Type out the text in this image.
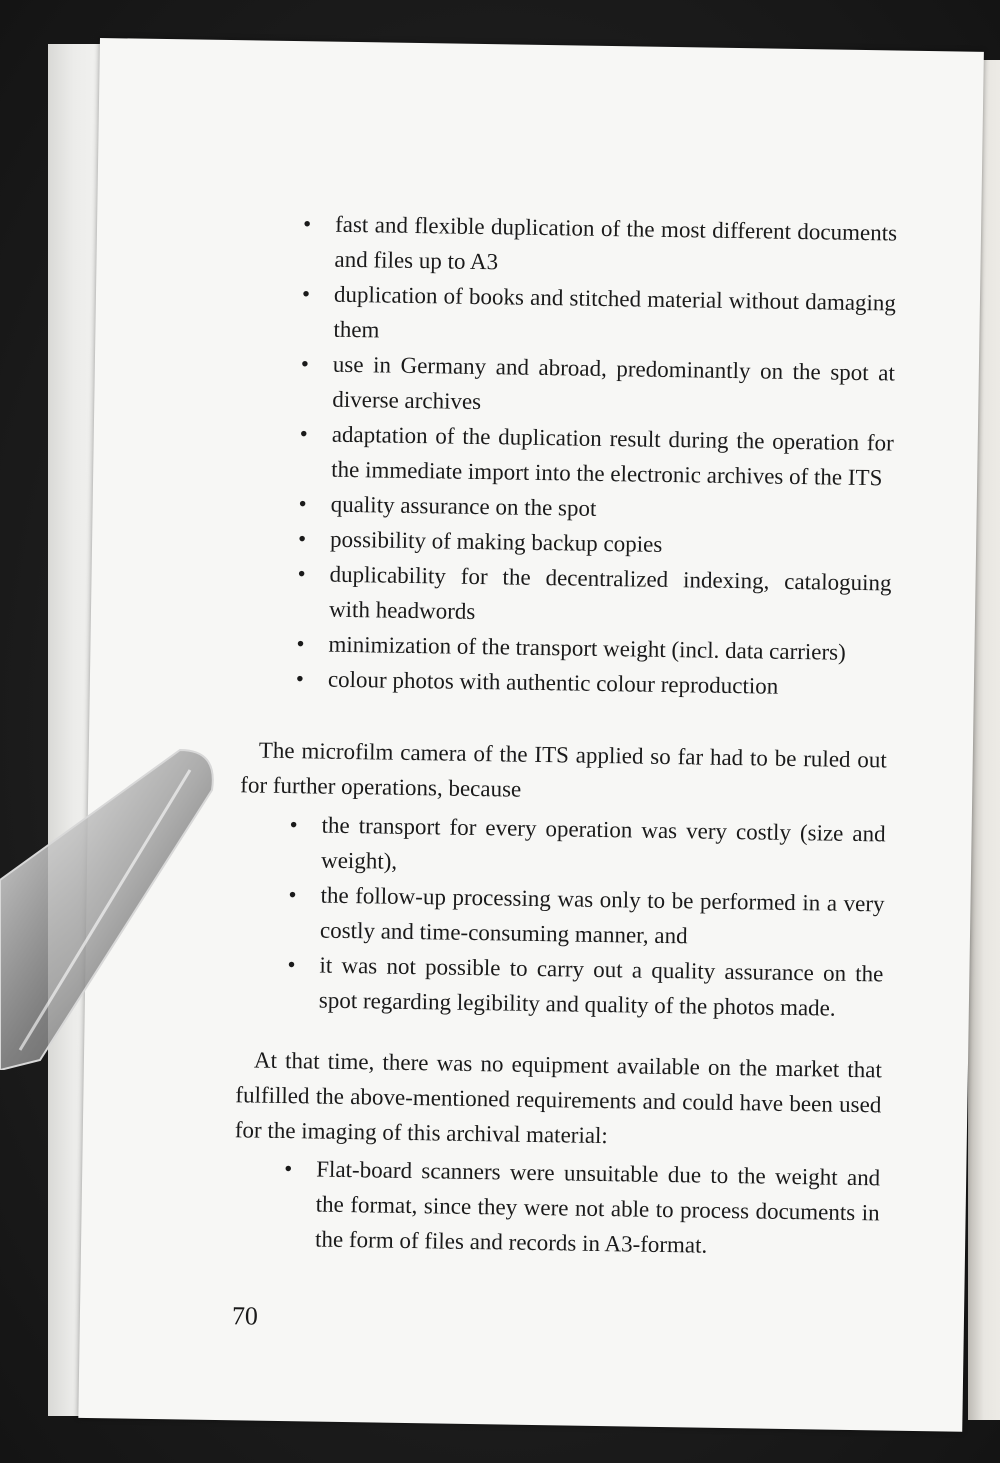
• fast and flexible duplication of the most different documents and files up to A3
• duplication of books and stitched material without damaging them
• use in Germany and abroad, predominantly on the spot at diverse archives
• adaptation of the duplication result during the operation for the immediate import into the electronic archives of the ITS
• quality assurance on the spot
• possibility of making backup copies
• duplicability for the decentralized indexing, cataloguing with headwords
• minimization of the transport weight (incl. data carriers)
• colour photos with authentic colour reproduction

The microfilm camera of the ITS applied so far had to be ruled out for further operations, because

• the transport for every operation was very costly (size and weight),
• the follow-up processing was only to be performed in a very costly and time-consuming manner, and
• it was not possible to carry out a quality assurance on the spot regarding legibility and quality of the photos made.

At that time, there was no equipment available on the market that fulfilled the above-mentioned requirements and could have been used for the imaging of this archival material:

• Flat-board scanners were unsuitable due to the weight and the format, since they were not able to process documents in the form of files and records in A3-format.
70
